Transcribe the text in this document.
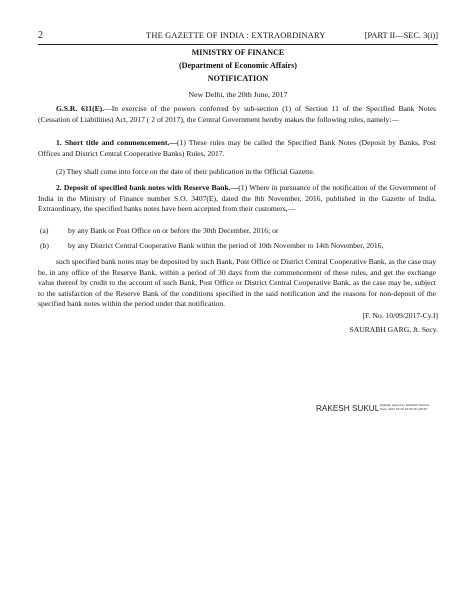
2	THE GAZETTE OF INDIA : EXTRAORDINARY	[PART II—SEC. 3(i)]
MINISTRY OF FINANCE
(Department of Economic Affairs)
NOTIFICATION
New Delhi, the 20th June, 2017
G.S.R. 611(E).—In exercise of the powers conferred by sub-section (1) of Section 11 of the Specified Bank Notes (Cessation of Liabilities) Act, 2017 ( 2 of 2017), the Central Government hereby makes the following rules, namely:—
1. Short title and commencement.—(1) These rules may be called the Specified Bank Notes (Deposit by Banks, Post Offices and District Central Cooperative Banks) Rules, 2017.
(2) They shall come into force on the date of their publication in the Official Gazette.
2. Deposit of specified bank notes with Reserve Bank.—(1) Where in pursuance of the notification of the Government of India in the Ministry of Finance number S.O. 3407(E), dated the 8th November, 2016, published in the Gazette of India, Extraordinary, the specified banks notes have been accepted from their customers,—
(a)	by any Bank or Post Office on or before the 30th December, 2016; or
(b)	by any District Central Cooperative Bank within the period of 10th November to 14th November, 2016,
such specified bank notes may be deposited by such Bank, Post Office or District Central Cooperative Bank, as the case may be, in any office of the Reserve Bank, within a period of 30 days from the commencement of these rules, and get the exchange value thereof by credit to the account of such Bank, Post Office or District Central Cooperative Bank, as the case may be, subject to the satisfaction of the Reserve Bank of the conditions specified in the said notification and the reasons for non-deposit of the specified bank notes within the period under that notification.
[F. No. 10/09/2017-Cy.I]
SAURABH GARG, Jt. Secy.
RAKESH SUKUL Digitally signed by RAKESH SUKUL
Date: 2017.06.20 19:46:30 +05'30'
